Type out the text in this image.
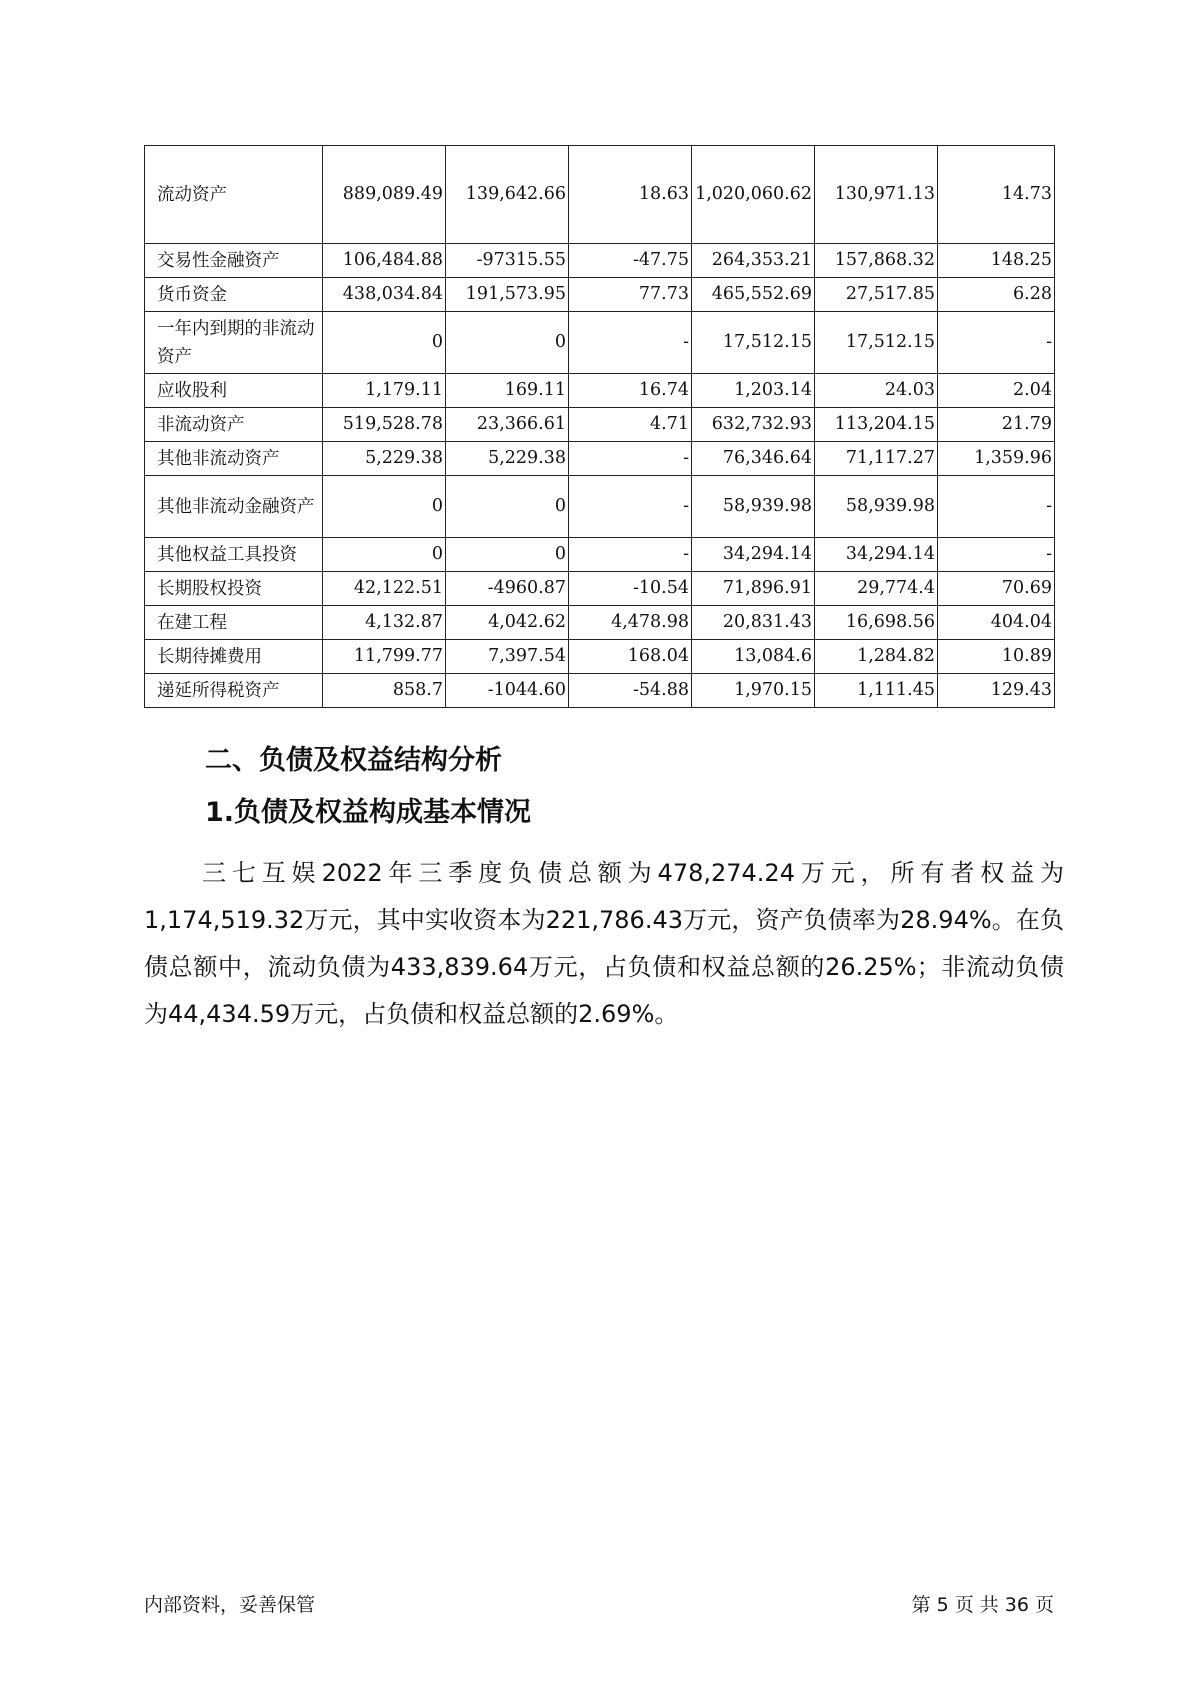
流动资产	889,089.49	139,642.66	18.63	1,020,060.62	130,971.13	14.73
交易性金融资产	106,484.88	-97315.55	-47.75	264,353.21	157,868.32	148.25
货币资金	438,034.84	191,573.95	77.73	465,552.69	27,517.85	6.28
一年内到期的非流动资产	0	0	-	17,512.15	17,512.15	-
应收股利	1,179.11	169.11	16.74	1,203.14	24.03	2.04
非流动资产	519,528.78	23,366.61	4.71	632,732.93	113,204.15	21.79
其他非流动资产	5,229.38	5,229.38	-	76,346.64	71,117.27	1,359.96
其他非流动金融资产	0	0	-	58,939.98	58,939.98	-
其他权益工具投资	0	0	-	34,294.14	34,294.14	-
长期股权投资	42,122.51	-4960.87	-10.54	71,896.91	29,774.4	70.69
在建工程	4,132.87	4,042.62	4,478.98	20,831.43	16,698.56	404.04
长期待摊费用	11,799.77	7,397.54	168.04	13,084.6	1,284.82	10.89
递延所得税资产	858.7	-1044.60	-54.88	1,970.15	1,111.45	129.43
二、负债及权益结构分析
1.负债及权益构成基本情况
三七互娱2022年三季度负债总额为478,274.24万元，所有者权益为1,174,519.32万元，其中实收资本为221,786.43万元，资产负债率为28.94%。在负债总额中，流动负债为433,839.64万元，占负债和权益总额的26.25%；非流动负债为44,434.59万元，占负债和权益总额的2.69%。
内部资料，妥善保管	第 5 页 共 36 页
